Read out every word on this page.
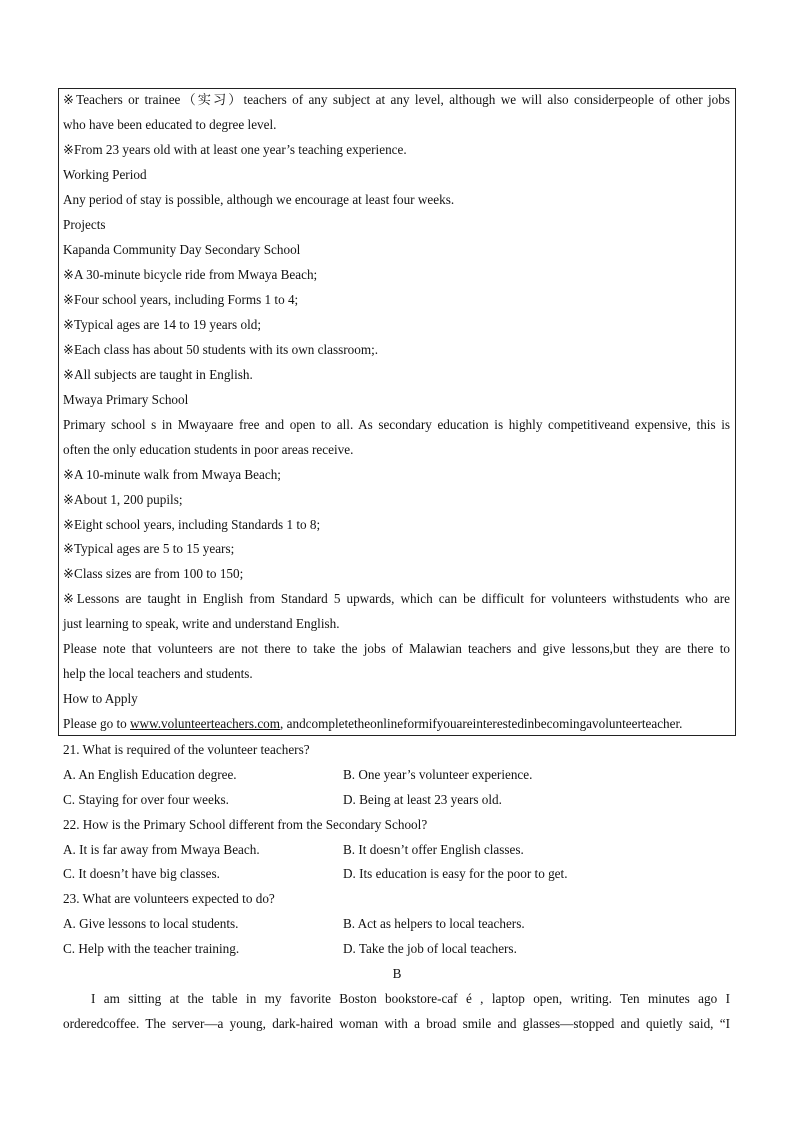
※Teachers or trainee（实习）teachers of any subject at any level, although we will also considerpeople of other jobs
who have been educated to degree level.
※From 23 years old with at least one year’s teaching experience.
Working Period
Any period of stay is possible, although we encourage at least four weeks.
Projects
Kapanda Community Day Secondary School
※A 30-minute bicycle ride from Mwaya Beach;
※Four school years, including Forms 1 to 4;
※Typical ages are 14 to 19 years old;
※Each class has about 50 students with its own classroom;.
※All subjects are taught in English.
Mwaya Primary School
Primary school s in Mwayaare free and open to all. As secondary education is highly competitiveand expensive, this is
often the only education students in poor areas receive.
※A 10-minute walk from Mwaya Beach;
※About 1, 200 pupils;
※Eight school years, including Standards 1 to 8;
※Typical ages are 5 to 15 years;
※Class sizes are from 100 to 150;
※Lessons are taught in English from Standard 5 upwards, which can be difficult for volunteers withstudents who are
just learning to speak, write and understand English.
Please note that volunteers are not there to take the jobs of Malawian teachers and give lessons,but they are there to
help the local teachers and students.
How to Apply
Please go to www.volunteerteachers.com, andcompletetheonlineformifyouareinterestedinbecomingavolunteerteacher.
21. What is required of the volunteer teachers?
A. An English Education degree.	B. One year’s volunteer experience.
C. Staying for over four weeks.	D. Being at least 23 years old.
22. How is the Primary School different from the Secondary School?
A. It is far away from Mwaya Beach.	B. It doesn’t offer English classes.
C. It doesn’t have big classes.	D. Its education is easy for the poor to get.
23. What are volunteers expected to do?
A. Give lessons to local students.	B. Act as helpers to local teachers.
C. Help with the teacher training.	D. Take the job of local teachers.
B
I am sitting at the table in my favorite Boston bookstore-caf é , laptop open, writing. Ten minutes ago I
orderedcoffee. The server—a young, dark-haired woman with a broad smile and glasses—stopped and quietly said, “I
